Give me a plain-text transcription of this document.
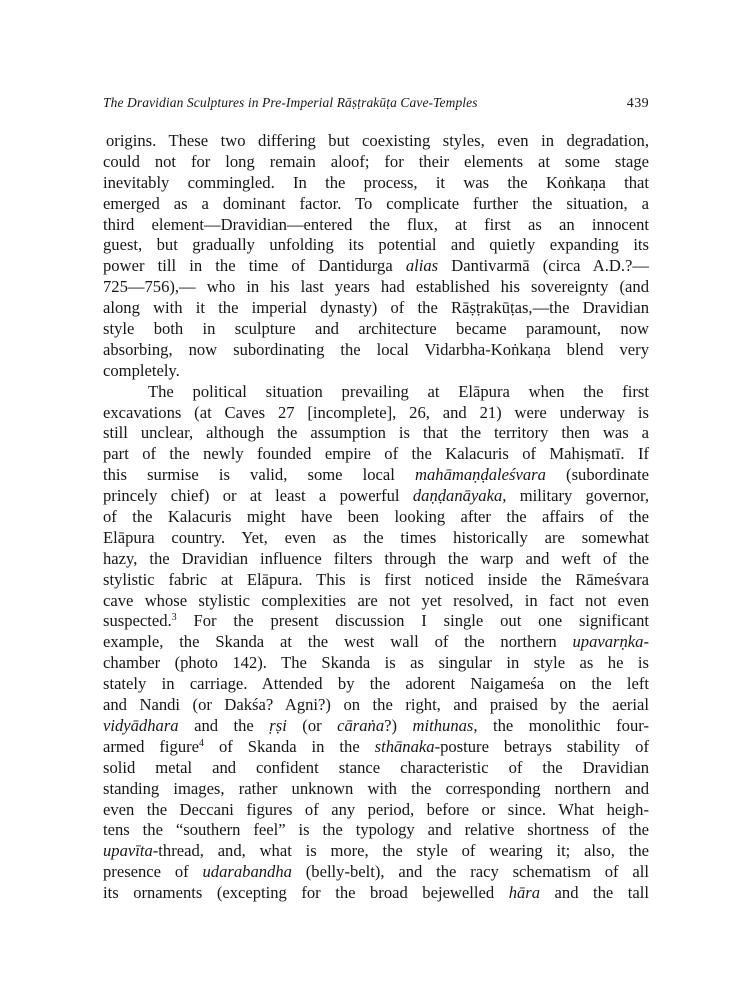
The Dravidian Sculptures in Pre-Imperial Rāṣṭrakūṭa Cave-Temples	439
origins. These two differing but coexisting styles, even in degradation,
could not for long remain aloof; for their elements at some stage
inevitably commingled. In the process, it was the Koṅkaṇa that
emerged as a dominant factor. To complicate further the situation, a
third element—Dravidian—entered the flux, at first as an innocent
guest, but gradually unfolding its potential and quietly expanding its
power till in the time of Dantidurga alias Dantivarmā (circa A.D.?—
725—756),— who in his last years had established his sovereignty (and
along with it the imperial dynasty) of the Rāṣṭrakūṭas,—the Dravidian
style both in sculpture and architecture became paramount, now
absorbing, now subordinating the local Vidarbha-Koṅkaṇa blend very
completely.
The political situation prevailing at Elāpura when the first
excavations (at Caves 27 [incomplete], 26, and 21) were underway is
still unclear, although the assumption is that the territory then was a
part of the newly founded empire of the Kalacuris of Mahiṣmatī. If
this surmise is valid, some local mahāmaṇḍaleśvara (subordinate
princely chief) or at least a powerful daṇḍanāyaka, military governor,
of the Kalacuris might have been looking after the affairs of the
Elāpura country. Yet, even as the times historically are somewhat
hazy, the Dravidian influence filters through the warp and weft of the
stylistic fabric at Elāpura. This is first noticed inside the Rāmeśvara
cave whose stylistic complexities are not yet resolved, in fact not even
suspected.$^3$ For the present discussion I single out one significant
example, the Skanda at the west wall of the northern upavarṇka-
chamber (photo 142). The Skanda is as singular in style as he is
stately in carriage. Attended by the adorent Naigameśa on the left
and Nandi (or Dakśa? Agni?) on the right, and praised by the aerial
vidyādhara and the ṛṣi (or cāraṅa?) mithunas, the monolithic four-
armed figure$^4$ of Skanda in the sthānaka-posture betrays stability of
solid metal and confident stance characteristic of the Dravidian
standing images, rather unknown with the corresponding northern and
even the Deccani figures of any period, before or since. What heigh-
tens the “southern feel” is the typology and relative shortness of the
upavīta-thread, and, what is more, the style of wearing it; also, the
presence of udarabandha (belly-belt), and the racy schematism of all
its ornaments (excepting for the broad bejewelled hāra and the tall
